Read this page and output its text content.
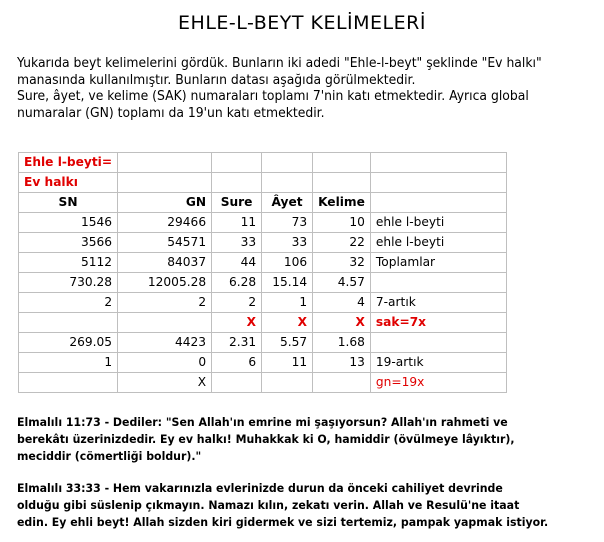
EHLE-L-BEYT KELİMELERİ
Yukarıda beyt kelimelerini gördük. Bunların iki adedi "Ehle-l-beyt" şeklinde "Ev halkı"
manasında kullanılmıştır. Bunların datası aşağıda görülmektedir.
Sure, âyet, ve kelime (SAK) numaraları toplamı 7'nin katı etmektedir. Ayrıca global
numaralar (GN) toplamı da 19'un katı etmektedir.
Ehle l-beyti=					
Ev halkı					
SN	GN	Sure	Âyet	Kelime	
1546	29466	11	73	10	ehle l-beyti
3566	54571	33	33	22	ehle l-beyti
5112	84037	44	106	32	Toplamlar
730.28	12005.28	6.28	15.14	4.57	
2	2	2	1	4	7-artık
		X	X	X	sak=7x
269.05	4423	2.31	5.57	1.68	
1	0	6	11	13	19-artık
	X				gn=19x
Elmalılı 11:73 - Dediler: "Sen Allah'ın emrine mi şaşıyorsun? Allah'ın rahmeti ve
berekâtı üzerinizdedir. Ey ev halkı! Muhakkak ki O, hamiddir (övülmeye lâyıktır),
meciddir (cömertliği boldur)."
Elmalılı 33:33 - Hem vakarınızla evlerinizde durun da önceki cahiliyet devrinde
olduğu gibi süslenip çıkmayın. Namazı kılın, zekatı verin. Allah ve Resulü'ne itaat
edin. Ey ehli beyt! Allah sizden kiri gidermek ve sizi tertemiz, pampak yapmak istiyor.
